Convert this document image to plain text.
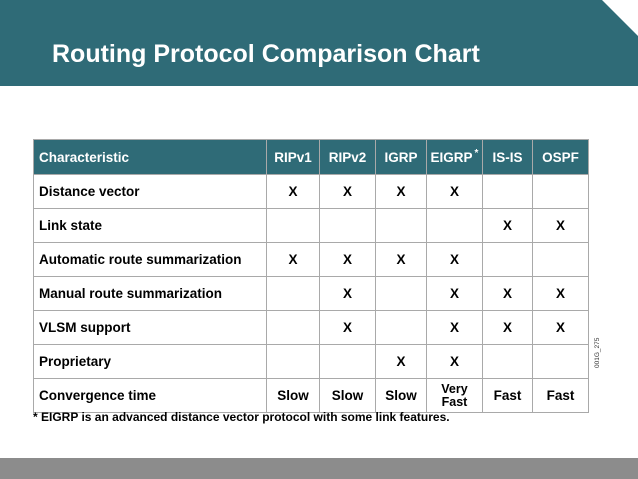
Routing Protocol Comparison Chart
Characteristic	RIPv1	RIPv2	IGRP	EIGRP *	IS-IS	OSPF
Distance vector	X	X	X	X		
Link state					X	X
Automatic route summarization	X	X	X	X		
Manual route summarization		X		X	X	X
VLSM support		X		X	X	X
Proprietary			X	X		
Convergence time	Slow	Slow	Slow	Very Fast	Fast	Fast
* EIGRP is an advanced distance vector protocol with some link features.
001G_275
